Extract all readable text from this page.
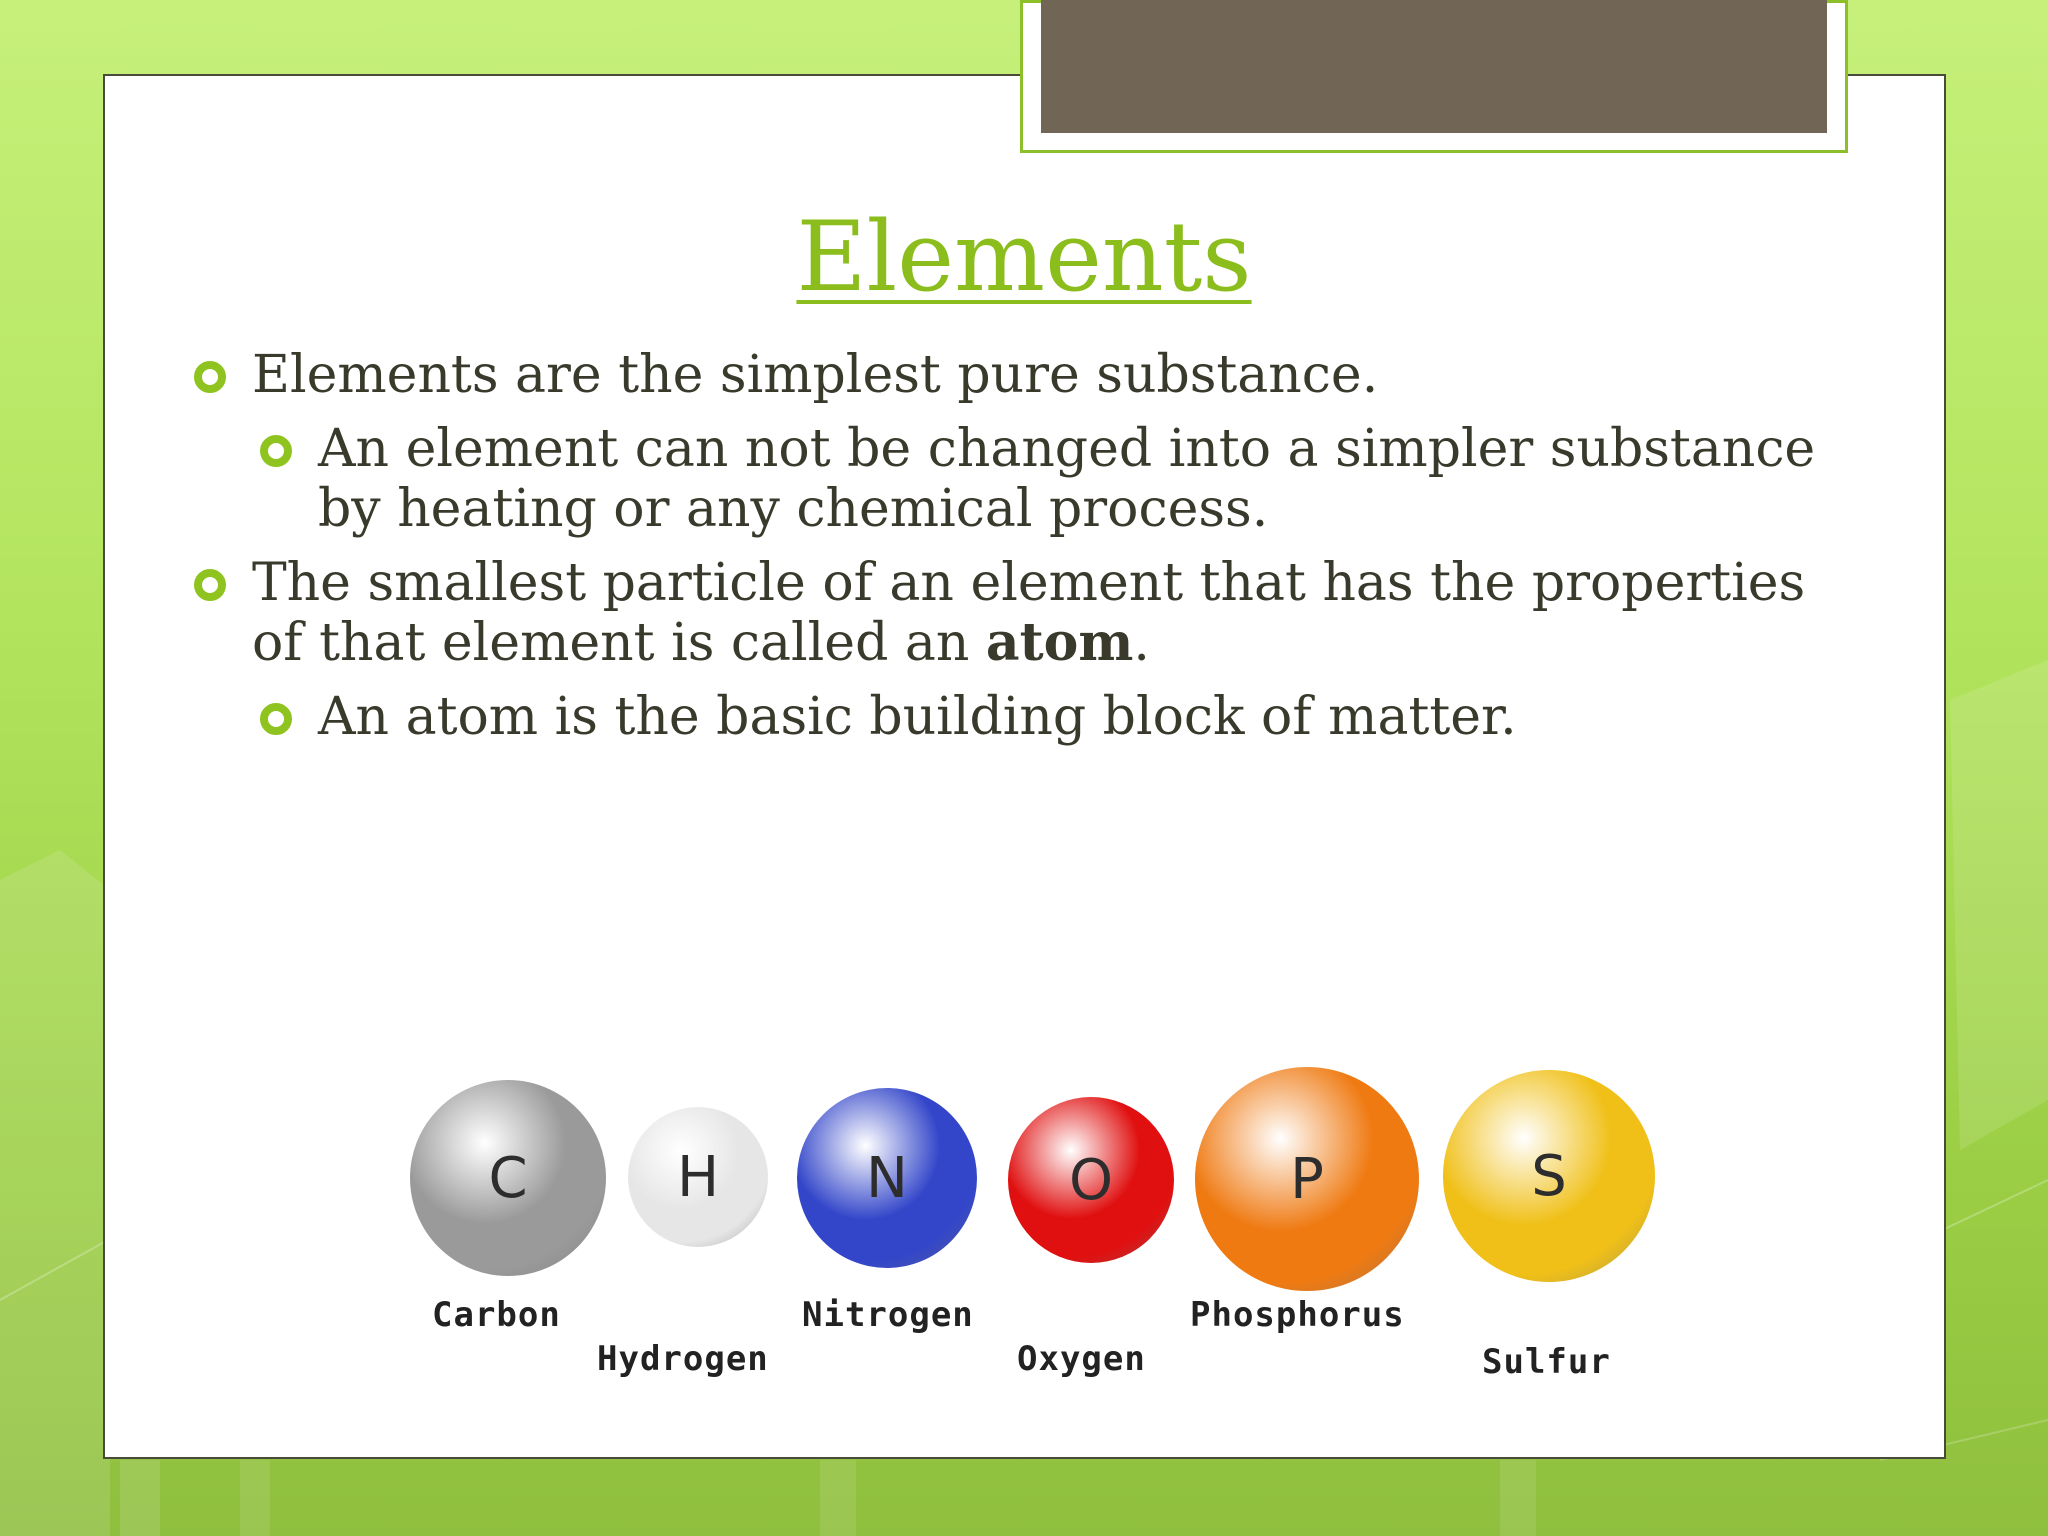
Elements
Elements are the simplest pure substance.
An element can not be changed into a simpler substance by heating or any chemical process.
The smallest particle of an element that has the properties of that element is called an atom.
An atom is the basic building block of matter.
C	H	N	O	P	S
Carbon
Hydrogen
Nitrogen
Oxygen
Phosphorus
Sulfur
